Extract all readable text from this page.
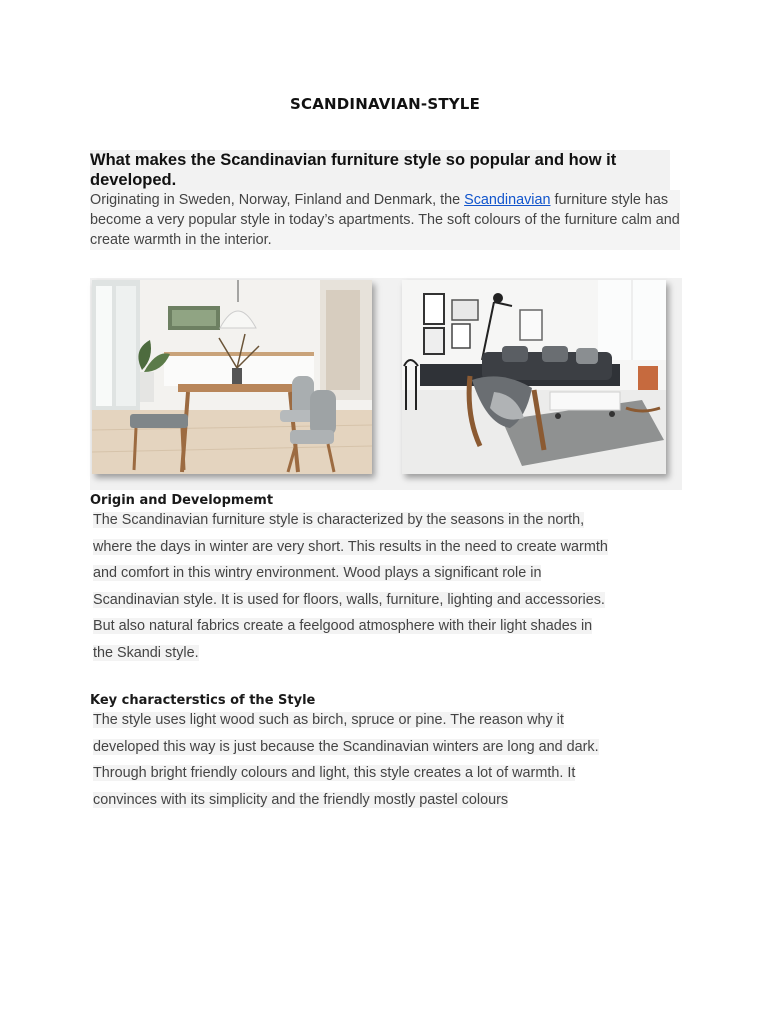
SCANDINAVIAN-STYLE
What makes the Scandinavian furniture style so popular and how it developed.
Originating in Sweden, Norway, Finland and Denmark, the Scandinavian furniture style has become a very popular style in today’s apartments. The soft colours of the furniture calm and create warmth in the interior.
Origin and Developmemt
The Scandinavian furniture style is characterized by the seasons in the north,
where the days in winter are very short. This results in the need to create warmth
and comfort in this wintry environment. Wood plays a significant role in
Scandinavian style. It is used for floors, walls, furniture, lighting and accessories.
But also natural fabrics create a feelgood atmosphere with their light shades in
the Skandi style.
Key characterstics of the Style
The style uses light wood such as birch, spruce or pine. The reason why it
developed this way is just because the Scandinavian winters are long and dark.
Through bright friendly colours and light, this style creates a lot of warmth. It
convinces with its simplicity and the friendly mostly pastel colours
